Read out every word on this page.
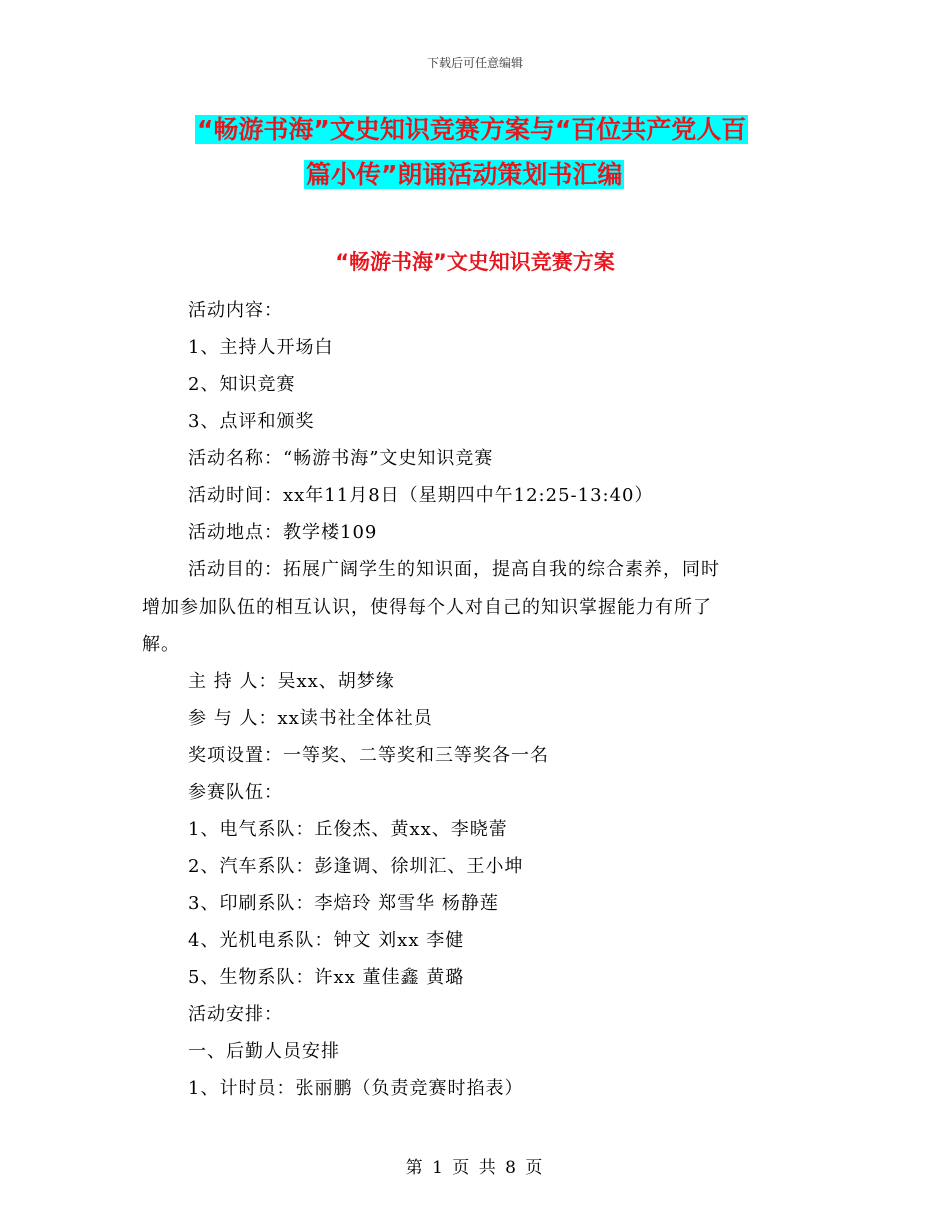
下载后可任意编辑
“畅游书海”文史知识竞赛方案与“百位共产党人百
篇小传”朗诵活动策划书汇编
“畅游书海”文史知识竞赛方案
活动内容：
1、主持人开场白
2、知识竞赛
3、点评和颁奖
活动名称：“畅游书海”文史知识竞赛
活动时间：xx年11月8日（星期四中午12:25-13:40）
活动地点：教学楼109
活动目的：拓展广阔学生的知识面，提高自我的综合素养，同时
增加参加队伍的相互认识，使得每个人对自己的知识掌握能力有所了
解。
主 持 人：吴xx、胡梦缘
参 与 人：xx读书社全体社员
奖项设置：一等奖、二等奖和三等奖各一名
参赛队伍：
1、电气系队：丘俊杰、黄xx、李晓蕾
2、汽车系队：彭逢调、徐圳汇、王小坤
3、印刷系队：李焙玲 郑雪华 杨静莲
4、光机电系队：钟文 刘xx 李健
5、生物系队：许xx 董佳鑫 黄璐
活动安排：
一、后勤人员安排
1、计时员：张丽鹏（负责竞赛时掐表）
第 1 页 共 8 页
